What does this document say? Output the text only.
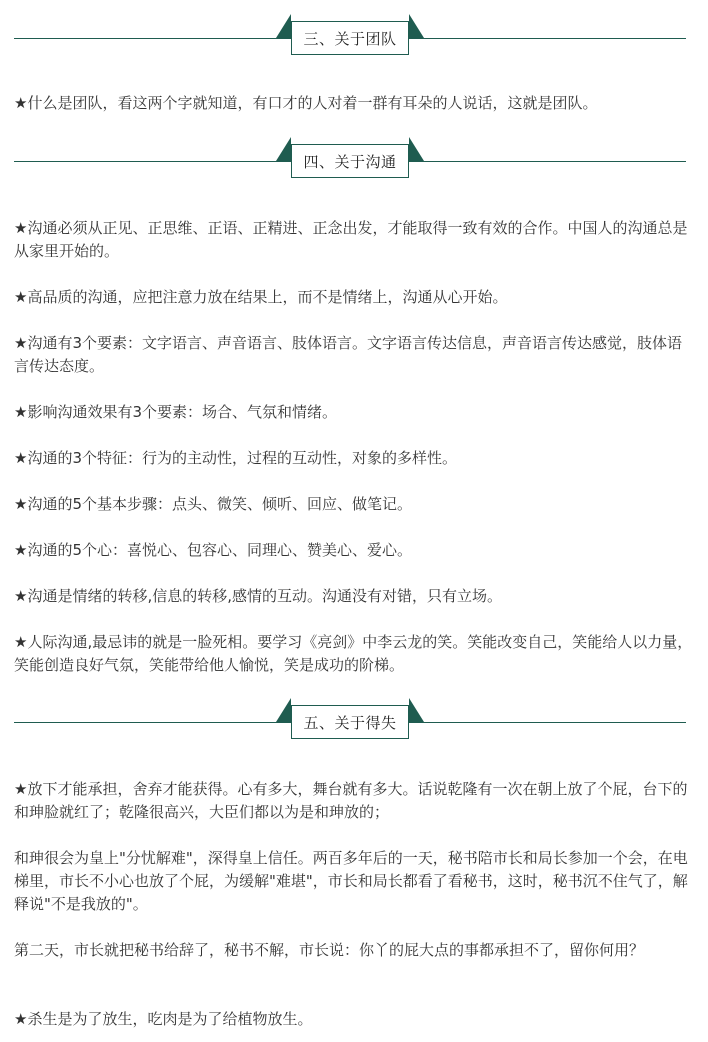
三、关于团队

★什么是团队，看这两个字就知道，有口才的人对着一群有耳朵的人说话，这就是团队。

四、关于沟通

★沟通必须从正见、正思维、正语、正精进、正念出发，才能取得一致有效的合作。中国人的沟通总是从家里开始的。

★高品质的沟通，应把注意力放在结果上，而不是情绪上，沟通从心开始。

★沟通有3个要素：文字语言、声音语言、肢体语言。文字语言传达信息，声音语言传达感觉，肢体语言传达态度。

★影响沟通效果有3个要素：场合、气氛和情绪。

★沟通的3个特征：行为的主动性，过程的互动性，对象的多样性。

★沟通的5个基本步骤：点头、微笑、倾听、回应、做笔记。

★沟通的5个心：喜悦心、包容心、同理心、赞美心、爱心。

★沟通是情绪的转移,信息的转移,感情的互动。沟通没有对错，只有立场。

★人际沟通,最忌讳的就是一脸死相。要学习《亮剑》中李云龙的笑。笑能改变自己，笑能给人以力量，笑能创造良好气氛，笑能带给他人愉悦，笑是成功的阶梯。

五、关于得失

★放下才能承担，舍弃才能获得。心有多大，舞台就有多大。话说乾隆有一次在朝上放了个屁，台下的和珅脸就红了；乾隆很高兴，大臣们都以为是和珅放的；

和珅很会为皇上"分忧解难"，深得皇上信任。两百多年后的一天，秘书陪市长和局长参加一个会，在电梯里，市长不小心也放了个屁，为缓解"难堪"，市长和局长都看了看秘书，这时，秘书沉不住气了，解释说"不是我放的"。

第二天，市长就把秘书给辞了，秘书不解，市长说：你丫的屁大点的事都承担不了，留你何用？

★杀生是为了放生，吃肉是为了给植物放生。
